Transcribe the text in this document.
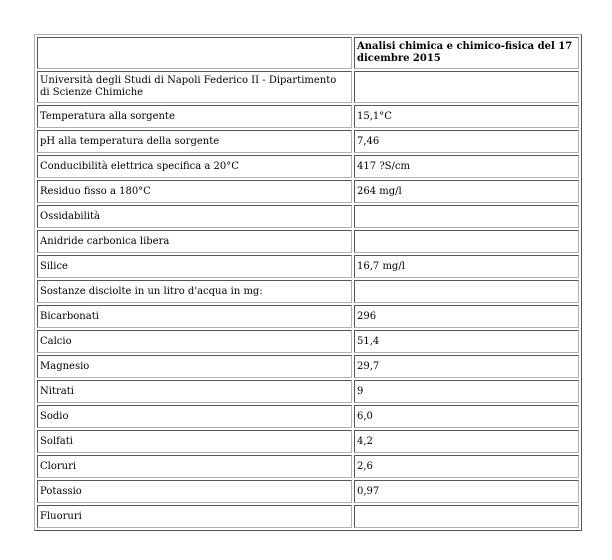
	Analisi chimica e chimico-fisica del 17 dicembre 2015
Università degli Studi di Napoli Federico II - Dipartimento di Scienze Chimiche	
Temperatura alla sorgente	15,1°C
pH alla temperatura della sorgente	7,46
Conducibilità elettrica specifica a 20°C	417 ?S/cm
Residuo fisso a 180°C	264 mg/l
Ossidabilità	
Anidride carbonica libera	
Silice	16,7 mg/l
Sostanze disciolte in un litro d'acqua in mg:	
Bicarbonati	296
Calcio	51,4
Magnesio	29,7
Nitrati	9
Sodio	6,0
Solfati	4,2
Cloruri	2,6
Potassio	0,97
Fluoruri	
